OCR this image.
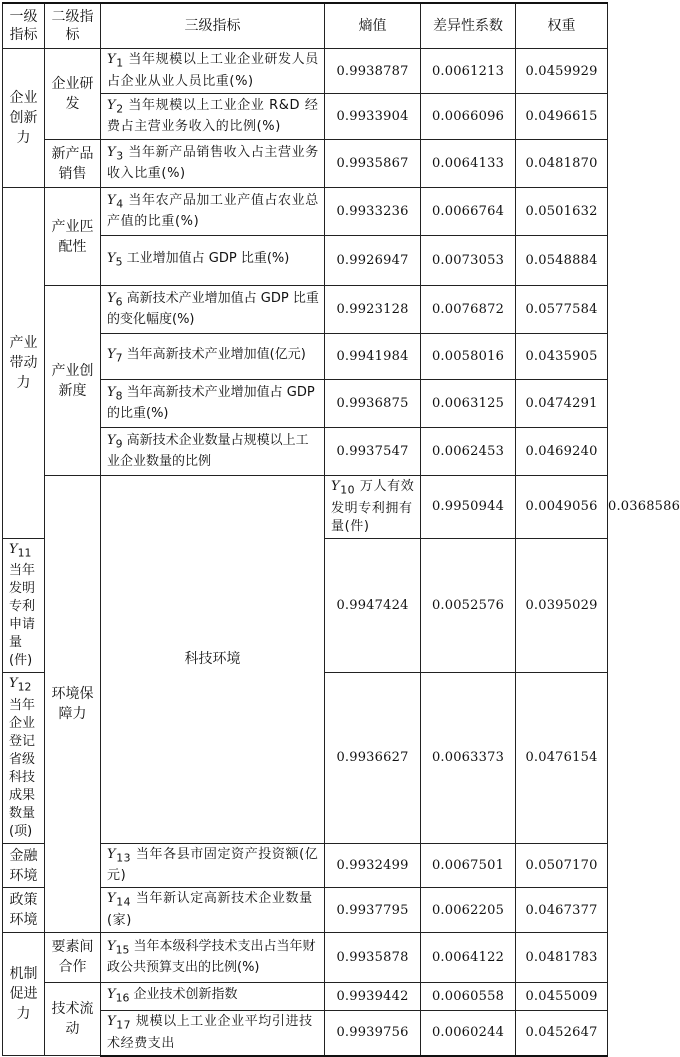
一级指标	二级指标	三级指标	熵值	差异性系数	权重	
企业创新力	企业研发	$Y_1$ 当年规模以上工业企业研发人员占企业从业人员比重(%)	0.9938787	0.0061213	0.0459929	
		$Y_2$ 当年规模以上工业企业 R&D 经费占主营业务收入的比例(%)	0.9933904	0.0066096	0.0496615	
	新产品销售	$Y_3$ 当年新产品销售收入占主营业务收入比重(%)	0.9935867	0.0064133	0.0481870	
产业带动力	产业匹配性	$Y_4$ 当年农产品加工业产值占农业总产值的比重(%)	0.9933236	0.0066764	0.0501632	
		$Y_5$ 工业增加值占 GDP 比重(%)	0.9926947	0.0073053	0.0548884	
	产业创新度	$Y_6$ 高新技术产业增加值占 GDP 比重的变化幅度(%)	0.9923128	0.0076872	0.0577584	
		$Y_7$ 当年高新技术产业增加值(亿元)	0.9941984	0.0058016	0.0435905	
		$Y_8$ 当年高新技术产业增加值占 GDP 的比重(%)	0.9936875	0.0063125	0.0474291	
		$Y_9$ 高新技术企业数量占规模以上工业企业数量的比例	0.9937547	0.0062453	0.0469240	
	环境保障力	科技环境	$Y_{10}$ 万人有效发明专利拥有量(件)	0.9950944	0.0049056	0.0368586
$Y_{11}$ 当年发明专利申请量(件)			0.9947424	0.0052576	0.0395029	
$Y_{12}$ 当年企业登记省级科技成果数量(项)			0.9936627	0.0063373	0.0476154	
金融环境		$Y_{13}$ 当年各县市固定资产投资额(亿元)	0.9932499	0.0067501	0.0507170	
政策环境		$Y_{14}$ 当年新认定高新技术企业数量(家)	0.9937795	0.0062205	0.0467377	
机制促进力	要素间合作	$Y_{15}$ 当年本级科学技术支出占当年财政公共预算支出的比例(%)	0.9935878	0.0064122	0.0481783	
	技术流动	$Y_{16}$ 企业技术创新指数	0.9939442	0.0060558	0.0455009	
		$Y_{17}$ 规模以上工业企业平均引进技术经费支出	0.9939756	0.0060244	0.0452647	
